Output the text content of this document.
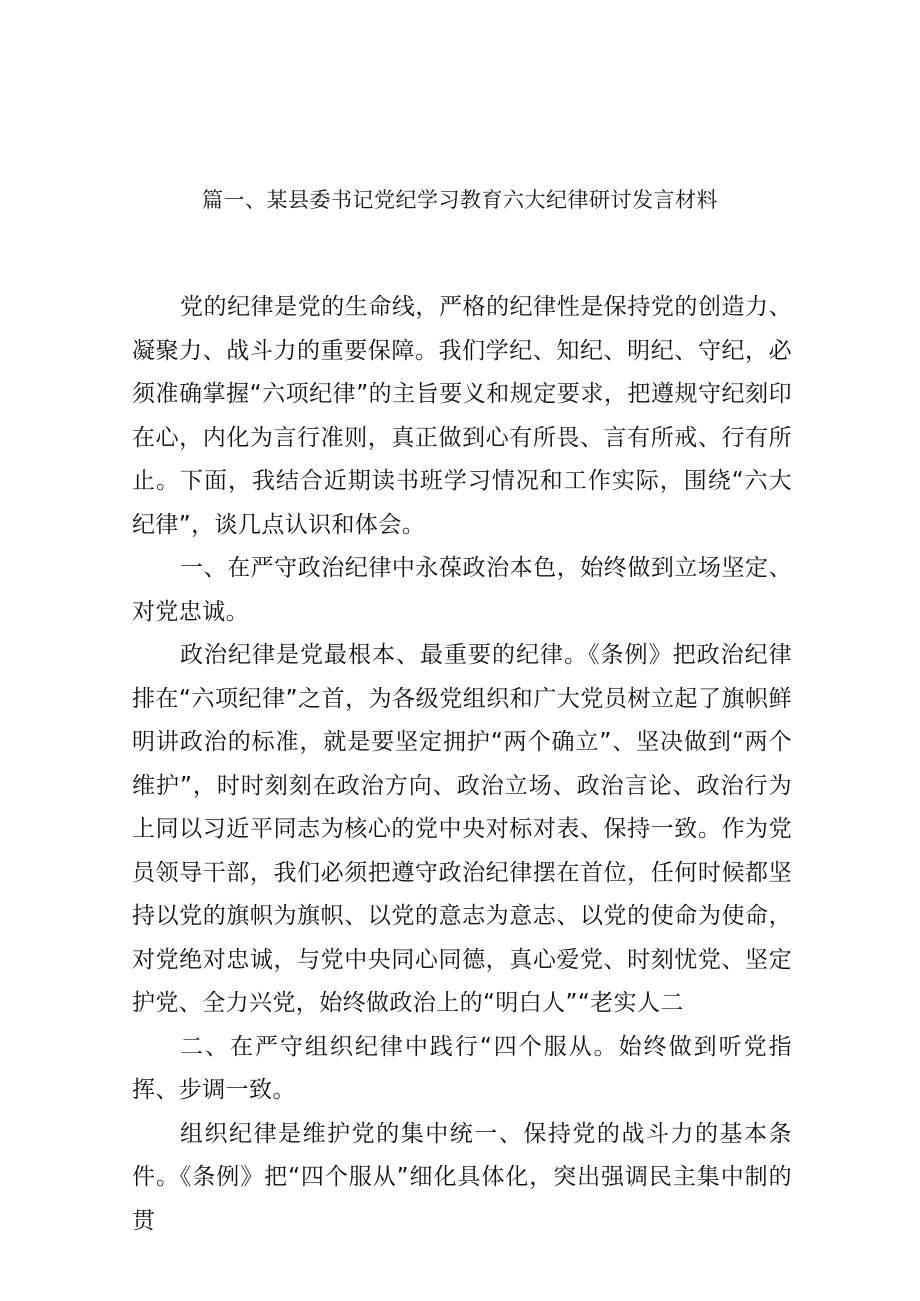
篇一、某县委书记党纪学习教育六大纪律研讨发言材料

党的纪律是党的生命线，严格的纪律性是保持党的创造力、凝聚力、战斗力的重要保障。我们学纪、知纪、明纪、守纪，必须准确掌握“六项纪律”的主旨要义和规定要求，把遵规守纪刻印在心，内化为言行准则，真正做到心有所畏、言有所戒、行有所止。下面，我结合近期读书班学习情况和工作实际，围绕“六大纪律”，谈几点认识和体会。

一、在严守政治纪律中永葆政治本色，始终做到立场坚定、对党忠诚。

政治纪律是党最根本、最重要的纪律。《条例》把政治纪律排在“六项纪律”之首，为各级党组织和广大党员树立起了旗帜鲜明讲政治的标准，就是要坚定拥护“两个确立”、坚决做到“两个维护”，时时刻刻在政治方向、政治立场、政治言论、政治行为上同以习近平同志为核心的党中央对标对表、保持一致。作为党员领导干部，我们必须把遵守政治纪律摆在首位，任何时候都坚持以党的旗帜为旗帜、以党的意志为意志、以党的使命为使命，对党绝对忠诚，与党中央同心同德，真心爱党、时刻忧党、坚定护党、全力兴党，始终做政治上的“明白人”“老实人二

二、在严守组织纪律中践行“四个服从。始终做到听党指挥、步调一致。

组织纪律是维护党的集中统一、保持党的战斗力的基本条件。《条例》把“四个服从”细化具体化，突出强调民主集中制的贯
